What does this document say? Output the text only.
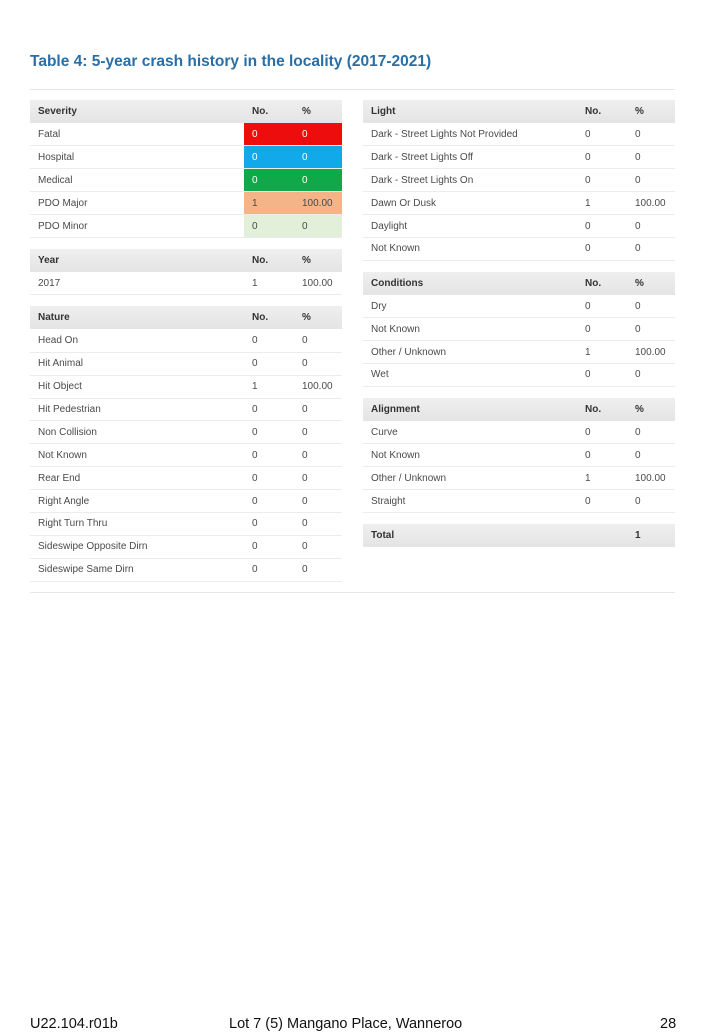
Table 4: 5-year crash history in the locality (2017-2021)
Severity	No.	%
Fatal	0	0
Hospital	0	0
Medical	0	0
PDO Major	1	100.00
PDO Minor	0	0
Year	No.	%
2017	1	100.00
Nature	No.	%
Head On	0	0
Hit Animal	0	0
Hit Object	1	100.00
Hit Pedestrian	0	0
Non Collision	0	0
Not Known	0	0
Rear End	0	0
Right Angle	0	0
Right Turn Thru	0	0
Sideswipe Opposite Dirn	0	0
Sideswipe Same Dirn	0	0
Light	No.	%
Dark - Street Lights Not Provided	0	0
Dark - Street Lights Off	0	0
Dark - Street Lights On	0	0
Dawn Or Dusk	1	100.00
Daylight	0	0
Not Known	0	0
Conditions	No.	%
Dry	0	0
Not Known	0	0
Other / Unknown	1	100.00
Wet	0	0
Alignment	No.	%
Curve	0	0
Not Known	0	0
Other / Unknown	1	100.00
Straight	0	0
Total		1
U22.104.r01b	Lot 7 (5) Mangano Place, Wanneroo	28
